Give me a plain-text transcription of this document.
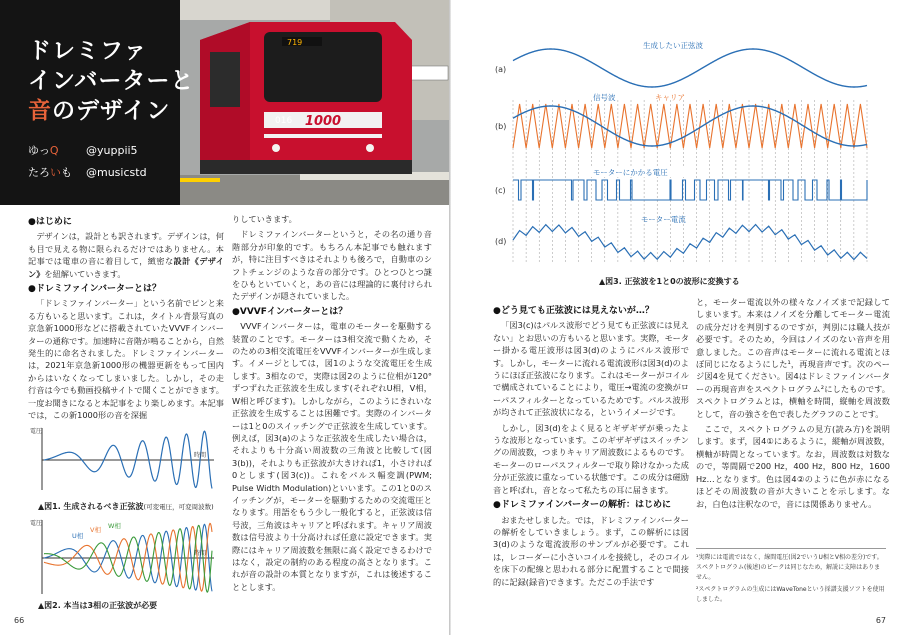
719
1000
016
ドレミファ
インバーターと
音のデザイン
ゆっQ	@yuppii5
たろいも	@musicstd
●はじめに

デザインは，設計とも訳されます。デザインは，何も目で見える物に限られるだけではありません。本記事では電車の音に着目して，緻密な設計《デザイン》を紐解いていきます。

●ドレミファインバーターとは？

「ドレミファインバーター」という名前でピンと来る方もいると思います。これは，タイトル背景写真の京急新1000形などに搭載されていたVVVFインバーターの通称です。加速時に音階が鳴ることから，自然発生的に命名されました。ドレミファインバーターは，2021年京急新1000形の機器更新をもって国内からはいなくなってしまいました。しかし，その走行音は今でも動画投稿サイトで聞くことができます。一度お聞きになると本記事をより楽しめます。本記事では，この新1000形の音を深掘

電圧
時間
▲図1. 生成されるべき正弦波(可変電圧，可変周波数)
電圧
時間
U相
V相 W相
▲図2. 本当は3相の正弦波が必要

りしていきます。

ドレミファインバーターというと，その名の通り音階部分が印象的です。もちろん本記事でも触れますが，特に注目すべきはそれよりも後ろで，自動車のシフトチェンジのような音の部分です。ひとつひとつ謎をひもといていくと，あの音には理論的に裏付けられたデザインが隠されていました。

●VVVFインバーターとは？

VVVFインバーターは，電車のモーターを駆動する装置のことです。モーターは3相交流で動くため，そのための3相交流電圧をVVVFインバーターが生成します。イメージとしては，図1のような交流電圧を生成します。3相なので，実際は図2のように位相が120°ずつずれた正弦波を生成します(それぞれU相，V相，W相と呼びます)。しかしながら，このようにきれいな正弦波を生成することは困難です。実際のインバーターは1と0のスイッチングで正弦波を生成しています。例えば，図3(a)のような正弦波を生成したい場合は，それよりも十分高い周波数の三角波と比較して(図3(b))，それよりも正弦波が大きければ1，小さければ0とします(図3(c))。これをパルス幅変調(PWM; Pulse Width Modulation)といいます。この1と0のスイッチングが，モーターを駆動するための交流電圧となります。用語をもう少し一般化すると，正弦波は信号波，三角波はキャリアと呼ばれます。キャリア周波数は信号波より十分高ければ任意に設定できます。実際にはキャリア周波数を無限に高く設定できるわけではなく，設定の制約のある程度の高さとなります。これが音の設計の本質となりますが，これは後述することとします。

66
(a)
(b)
(c)
(d)
生成したい正弦波
信号波	キャリア
モーターにかかる電圧
モーター電流
▲図3. 正弦波を1と0の波形に変換する
●どう見ても正弦波には見えないが…？

「図3(c)はパルス波形でどう見ても正弦波には見えない」とお思いの方もいると思います。実際，モーター掛かる電圧波形は図3(d)のようにパルス波形です。しかし，モーターに流れる電流波形は図3(d)のようにほぼ正弦波になります。これはモーターがコイルで構成されていることにより，電圧→電流の変換がローパスフィルターとなっているためです。パルス波形が均されて正弦波状になる，というイメージです。

しかし，図3(d)をよく見るとギザギザが乗ったような波形となっています。このギザギザはスイッチングの周波数，つまりキャリア周波数によるものです。モーターのローパスフィルターで取り除けなかった成分が正弦波に重なっている状態です。この成分は磁励音と呼ばれ，音となって私たちの耳に届きます。

●ドレミファインバーターの解析：はじめに

おまたせしました。では，ドレミファインバーターの解析をしていきましょう。まず，この解析には図3(d)のような電流波形のサンプルが必要です。これは，レコーダーに小さいコイルを接続し，そのコイルを床下の配線と思われる部分に配置することで間接的に記録(録音)できます。ただこの手法です

と，モーター電流以外の様々なノイズまで記録してしまいます。本来はノイズを分離してモーター電流の成分だけを判別するのですが，判別には職人技が必要です。そのため，今回はノイズのない音声を用意しました。この音声はモーターに流れる電流とほぼ同じになるようにした¹，再現音声です。次のページ図4を見てください。図4はドレミファインバーターの再現音声をスペクトログラム²にしたものです。スペクトログラムとは，横軸を時間，縦軸を周波数として，音の強さを色で表したグラフのことです。

ここで，スペクトログラムの見方(読み方)を説明します。まず，図4①にあるように，縦軸が周波数，横軸が時間となっています。なお，周波数は対数なので，等間隔で200 Hz，400 Hz，800 Hz，1600 Hz…となります。色は図4②のように色が赤になるほどその周波数の音が大きいことを示します。なお，白色は注釈なので，音には関係ありません。

67

¹実際には電流ではなく，線間電圧(図2でいうU相とV相の差分)です。スペクトログラム(後述)のピークは同じなため，解説に支障はありません。

²スペクトログラムの生成にはWaveToneという採譜支援ソフトを使用しました。
